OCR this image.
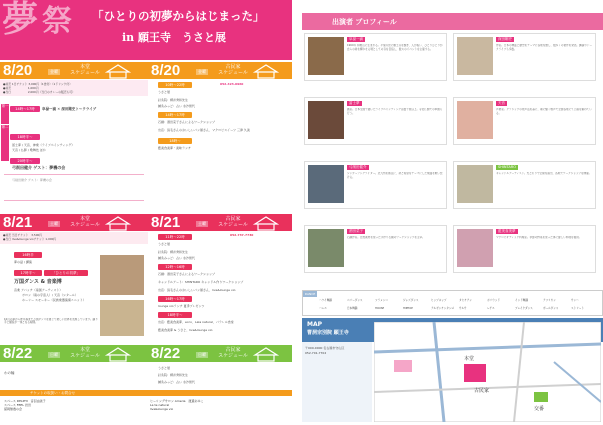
夢 祭 「ひとりの初夢からはじまった」
in 願王寺　うさと展
8/20	金曜
本堂
スケジュール	8/20	金曜
古民家
スケジュール
8/21	土曜
本堂
スケジュール	8/21	土曜
古民家
スケジュール
8/22	日曜
本堂
スケジュール	8/22	日曜
古民家
スケジュール
●前売 1日チケット 3,000円（1食付）（1ドリンク付）
●前売　　　　　　1,000円
●当日　　　　　　2,000円（当日のカレーの販売も可）
第一
14時〜17時	阜禄一滴 ✕ 深田剛史トークライブ
第二
18時半〜
冨士夢 / 天音、神楽（ライブペインティング）
天音 / 仏師 / 歌舞伎 ほか
20時半〜
弓削田健介 ゲスト：夢機の会
弓削田健介 ゲスト：夢機の会
●前売 当日チケット　3,500円
●当日 live&lounge vioチケット 1,000円
16時半
夢の話 / 講演
17時半〜	「ひとりの初夢」
万国ダンス & 音楽博
音楽 アパッチ（南国アーティスト）
ボロン（南の宇宙人）/ 天音（シタール）
ホーリー スモーキー（民族楽器演奏ユニット）
10月の夢から昨年春まで万国ダンスを通じて楽しい世界を表現しています。踊り手と観客が一体となる時間。
わの輪
チケットの取扱い・お問合せ
スペース DELPHI　音羽由美子
スペース FEEL 岩田
富岡無農の会
ヒーリングサロン Ameria　渡邉あゆこ
La te natural
live&lounge vio
10時〜22時
うさと展
針灸院：柳井秀和先生
鍼灸みっど：占い 永沙智代
14時〜17時
石鹸：酒田菜子さんによるワークショップ
出店：鳥毛さんのおいしいパン屋さん、マクロビスイーツ 三津 久美
18時〜
藍美食美夢・美味ランチ
052-423-0960
11時〜22時
うさと展
針灸院：柳井秀和先生
鍼灸みっど：占い 永沙智代
12時〜16時
石鹸：酒田菜子さんによるワークショップ
キャンドルアート：SHINTARO キャンドル作りワークショップ
出店：鳥毛さんのおいしいパン屋さん、live&lounge vio
16時〜17時
lounge vioランチ 夏季プレゼンツ
18時半〜
出店：藍美食美夢、ecco、Lala natural、パラレル食堂
藍美食美夢 & うさと、live&lounge vio
052-737-7730
うさと展
針灸院：柳井秀和先生
鍼灸みっど：占い 永沙智代
出演者 プロフィール
阜禄一滴
1960年 和歌山に生まれる。平成の世に願王寺を継ぎ、人が集い、ひとりひとりが自らの命を輝かせる場としての寺を目指し、数々のイベントを主催する。
深田剛史
作家。日本の神話と歴史をテーマに各地を旅し、数多くの著作を発表。講演やトークライブも多数。
冨士夢
画家。日本全国で描いたライブペインティングは数千枚以上。寺社仏閣での奉納も行う。
天音
声楽家。クラシックの発声法を基に、魂に響く歌声で全国各地にて公演を重ねている。
弓削田健介
シンガーソングライター。北九州を拠点に、命と希望をテーマにした楽曲を歌い続ける。
SHINTARO
キャンドルアーティスト。光と灯りで空間を演出、各地でワークショップを開催。
酒田菜子
石鹸作家。自然素材を使った手作り石鹸のワークショップを主宰。
藍美食美夢
マクロビオティック料理家。季節の野菜を使った体に優しい料理を提供。
DANCE
ハワイ舞踊	ベリーダンス	フラメンコ	ジャズダンス	ヒップホップ	タヒチアン	ボリウッド	インド舞踊	アフリカン	サンバ
バレエ	日本舞踊	HOUSE	HIPHOP	アルゼンチンタンゴ サルサ	レゲエ	ブレイクダンス	ポールダンス	ストリート
MAP
曹洞宗別院 願王寺
〒000-0000 名古屋市守山区
052-701-7702
本堂
古民家
交番
